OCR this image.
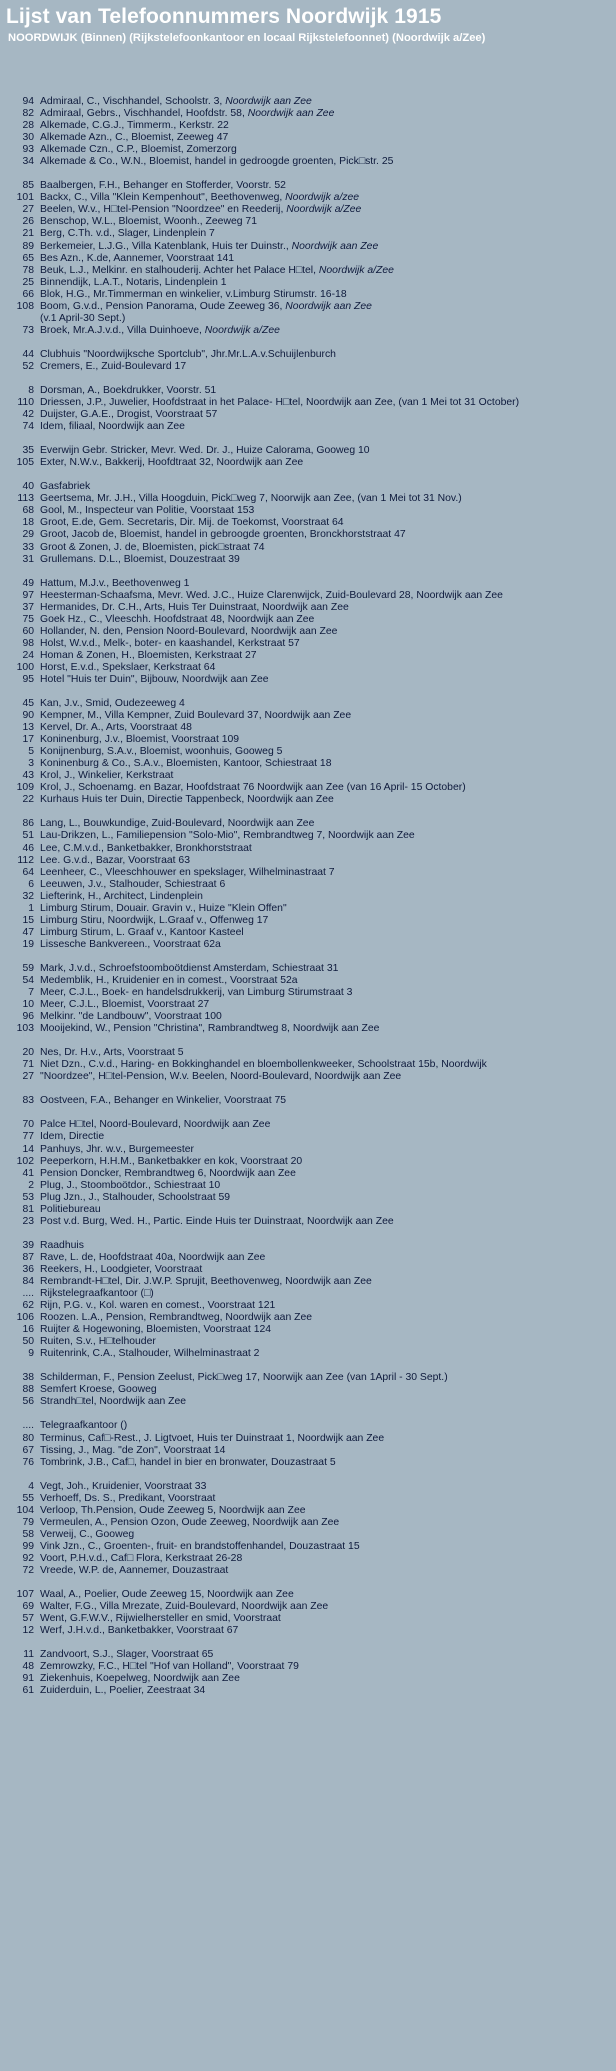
Lijst van Telefoonnummers Noordwijk 1915
NOORDWIJK (Binnen) (Rijkstelefoonkantoor en locaal Rijkstelefoonnet) (Noordwijk a/Zee)
94 Admiraal, C., Vischhandel, Schoolstr. 3, Noordwijk aan Zee
82 Admiraal, Gebrs., Vischhandel, Hoofdstr. 58, Noordwijk aan Zee
28 Alkemade, C.G.J., Timmerm., Kerkstr. 22
30 Alkemade Azn., C., Bloemist, Zeeweg 47
93 Alkemade Czn., C.P., Bloemist, Zomerzorg
34 Alkemade & Co., W.N., Bloemist, handel in gedroogde groenten, Pick□str. 25
85 Baalbergen, F.H., Behanger en Stofferder, Voorstr. 52
101 Backx, C., Villa "Klein Kempenhout", Beethovenweg, Noordwijk a/zee
27 Beelen, W.v., H□tel-Pension "Noordzee" en Reederij, Noordwijk a/Zee
26 Benschop, W.L., Bloemist, Woonh., Zeeweg 71
21 Berg, C.Th. v.d., Slager, Lindenplein 7
89 Berkemeier, L.J.G., Villa Katenblank, Huis ter Duinstr., Noordwijk aan Zee
65 Bes Azn., K.de, Aannemer, Voorstraat 141
78 Beuk, L.J., Melkinr. en stalhouderij. Achter het Palace H□tel, Noordwijk a/Zee
25 Binnendijk, L.A.T., Notaris, Lindenplein 1
66 Blok, H.G., Mr.Timmerman en winkelier, v.Limburg Stirumstr. 16-18
108 Boom, G.v.d., Pension Panorama, Oude Zeeweg 36, Noordwijk aan Zee
(v.1 April-30 Sept.)
73 Broek, Mr.A.J.v.d., Villa Duinhoeve, Noordwijk a/Zee
44 Clubhuis "Noordwijksche Sportclub", Jhr.Mr.L.A.v.Schuijlenburch
52 Cremers, E., Zuid-Boulevard 17
8 Dorsman, A., Boekdrukker, Voorstr. 51
110 Driessen, J.P., Juwelier, Hoofdstraat in het Palace- H□tel, Noordwijk aan Zee, (van 1 Mei tot 31 October)
42 Duijster, G.A.E., Drogist, Voorstraat 57
74 Idem, filiaal, Noordwijk aan Zee
35 Everwijn Gebr. Stricker, Mevr. Wed. Dr. J., Huize Calorama, Gooweg 10
105 Exter, N.W.v., Bakkerij, Hoofdtraat 32, Noordwijk aan Zee
40 Gasfabriek
113 Geertsema, Mr. J.H., Villa Hoogduin, Pick□weg 7, Noorwijk aan Zee, (van 1 Mei tot 31 Nov.)
68 Gool, M., Inspecteur van Politie, Voorstaat 153
18 Groot, E.de, Gem. Secretaris, Dir. Mij. de Toekomst, Voorstraat 64
29 Groot, Jacob de, Bloemist, handel in gebroogde groenten, Bronckhorststraat 47
33 Groot & Zonen, J. de, Bloemisten, pick□straat 74
31 Grullemans. D.L., Bloemist, Douzestraat 39
49 Hattum, M.J.v., Beethovenweg 1
97 Heesterman-Schaafsma, Mevr. Wed. J.C., Huize Clarenwijck, Zuid-Boulevard 28, Noordwijk aan Zee
37 Hermanides, Dr. C.H., Arts, Huis Ter Duinstraat, Noordwijk aan Zee
75 Goek Hz., C., Vleeschh. Hoofdstraat 48, Noordwijk aan Zee
60 Hollander, N. den, Pension Noord-Boulevard, Noordwijk aan Zee
98 Holst, W.v.d., Melk-, boter- en kaashandel, Kerkstraat 57
24 Homan & Zonen, H., Bloemisten, Kerkstraat 27
100 Horst, E.v.d., Spekslaer, Kerkstraat 64
95 Hotel "Huis ter Duin", Bijbouw, Noordwijk aan Zee
45 Kan, J.v., Smid, Oudezeeweg 4
90 Kempner, M., Villa Kempner, Zuid Boulevard 37, Noordwijk aan Zee
13 Kervel, Dr. A., Arts, Voorstraat 48
17 Koninenburg, J.v., Bloemist, Voorstraat 109
5 Konijnenburg, S.A.v., Bloemist, woonhuis, Gooweg 5
3 Koninenburg & Co., S.A.v., Bloemisten, Kantoor, Schiestraat 18
43 Krol, J., Winkelier, Kerkstraat
109 Krol, J., Schoenamg. en Bazar, Hoofdstraat 76 Noordwijk aan Zee (van 16 April- 15 October)
22 Kurhaus Huis ter Duin, Directie Tappenbeck, Noordwijk aan Zee
86 Lang, L., Bouwkundige, Zuid-Boulevard, Noordwijk aan Zee
51 Lau-Drikzen, L., Familiepension "Solo-Mio", Rembrandtweg 7, Noordwijk aan Zee
46 Lee, C.M.v.d., Banketbakker, Bronkhorststraat
112 Lee. G.v.d., Bazar, Voorstraat 63
64 Leenheer, C., Vleeschhouwer en spekslager, Wilhelminastraat 7
6 Leeuwen, J.v., Stalhouder, Schiestraat 6
32 Liefterink, H., Architect, Lindenplein
1 Limburg Stirum, Douair. Gravin v., Huize "Klein Offen"
15 Limburg Stiru, Noordwijk, L.Graaf v., Offenweg 17
47 Limburg Stirum, L. Graaf v., Kantoor Kasteel
19 Lissesche Bankvereen., Voorstraat 62a
59 Mark, J.v.d., Schroefstoomboötdienst Amsterdam, Schiestraat 31
54 Medemblik, H., Kruidenier en in comest., Voorstraat 52a
7 Meer, C.J.L., Boek- en handelsdrukkerij, van Limburg Stirumstraat 3
10 Meer, C.J.L., Bloemist, Voorstraat 27
96 Melkinr. "de Landbouw", Voorstraat 100
103 Mooijekind, W., Pension "Christina", Rambrandtweg 8, Noordwijk aan Zee
20 Nes, Dr. H.v., Arts, Voorstraat 5
71 Niet Dzn., C.v.d., Haring- en Bokkinghandel en bloembollenkweeker, Schoolstraat 15b, Noordwijk
27 "Noordzee", H□tel-Pension, W.v. Beelen, Noord-Boulevard, Noordwijk aan Zee
83 Oostveen, F.A., Behanger en Winkelier, Voorstraat 75
70 Palce H□tel, Noord-Boulevard, Noordwijk aan Zee
77 Idem, Directie
14 Panhuys, Jhr. w.v., Burgemeester
102 Peeperkorn, H.H.M., Banketbakker en kok, Voorstraat 20
41 Pension Doncker, Rembrandtweg 6, Noordwijk aan Zee
2 Plug, J., Stoomboötdor., Schiestraat 10
53 Plug Jzn., J., Stalhouder, Schoolstraat 59
81 Politiebureau
23 Post v.d. Burg, Wed. H., Partic. Einde Huis ter Duinstraat, Noordwijk aan Zee
39 Raadhuis
87 Rave, L. de, Hoofdstraat 40a, Noordwijk aan Zee
36 Reekers, H., Loodgieter, Voorstraat
84 Rembrandt-H□tel, Dir. J.W.P. Sprujit, Beethovenweg, Noordwijk aan Zee
.... Rijkstelegraafkantoor (□)
62 Rijn, P.G. v., Kol. waren en comest., Voorstraat 121
106 Roozen. L.A., Pension, Rembrandtweg, Noordwijk aan Zee
16 Ruijter & Hogewoning, Bloemisten, Voorstraat 124
50 Ruiten, S.v., H□telhouder
9 Ruitenrink, C.A., Stalhouder, Wilhelminastraat 2
38 Schilderman, F., Pension Zeelust, Pick□weg 17, Noorwijk aan Zee (van 1April - 30 Sept.)
88 Semfert Kroese, Gooweg
56 Strandh□tel, Noordwijk aan Zee
.... Telegraafkantoor ()
80 Terminus, Caf□-Rest., J. Ligtvoet, Huis ter Duinstraat 1, Noordwijk aan Zee
67 Tissing, J., Mag. "de Zon", Voorstraat 14
76 Tombrink, J.B., Caf□, handel in bier en bronwater, Douzastraat 5
4 Vegt, Joh., Kruidenier, Voorstraat 33
55 Verhoeff, Ds. S., Predikant, Voorstraat
104 Verloop, Th.Pension, Oude Zeeweg 5, Noordwijk aan Zee
79 Vermeulen, A., Pension Ozon, Oude Zeeweg, Noordwijk aan Zee
58 Verweij, C., Gooweg
99 Vink Jzn., C., Groenten-, fruit- en brandstoffenhandel, Douzastraat 15
92 Voort, P.H.v.d., Caf□ Flora, Kerkstraat 26-28
72 Vreede, W.P. de, Aannemer, Douzastraat
107 Waal, A., Poelier, Oude Zeeweg 15, Noordwijk aan Zee
69 Walter, F.G., Villa Mrezate, Zuid-Boulevard, Noordwijk aan Zee
57 Went, G.F.W.V., Rijwielhersteller en smid, Voorstraat
12 Werf, J.H.v.d., Banketbakker, Voorstraat 67
11 Zandvoort, S.J., Slager, Voorstraat 65
48 Zemrowzky, F.C., H□tel "Hof van Holland", Voorstraat 79
91 Ziekenhuis, Koepelweg, Noordwijk aan Zee
61 Zuiderduin, L., Poelier, Zeestraat 34
